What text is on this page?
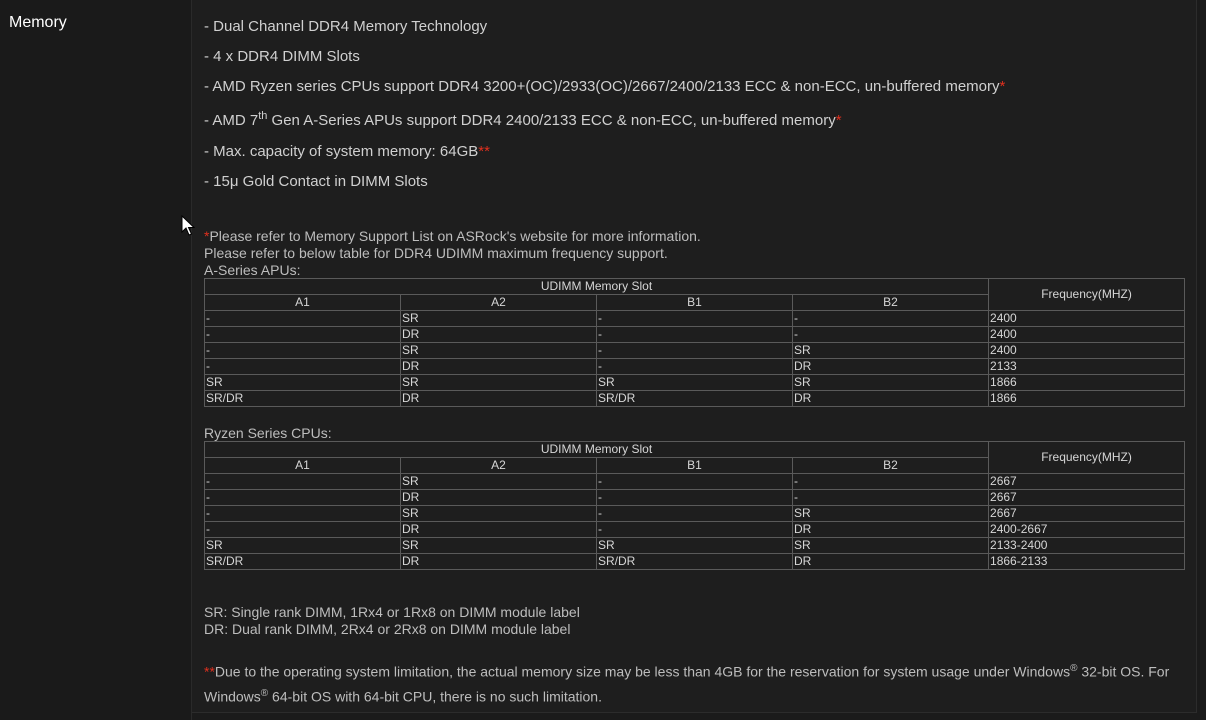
Memory	- Dual Channel DDR4 Memory Technology
- 4 x DDR4 DIMM Slots
- AMD Ryzen series CPUs support DDR4 3200+(OC)/2933(OC)/2667/2400/2133 ECC & non-ECC, un-buffered memory*
- AMD 7th Gen A-Series APUs support DDR4 2400/2133 ECC & non-ECC, un-buffered memory*
- Max. capacity of system memory: 64GB**
- 15μ Gold Contact in DIMM Slots
*Please refer to Memory Support List on ASRock's website for more information.
Please refer to below table for DDR4 UDIMM maximum frequency support.
A-Series APUs:
UDIMM Memory Slot				Frequency(MHZ)
A1	A2	B1	B2	
-	SR	-	-	2400
-	DR	-	-	2400
-	SR	-	SR	2400
-	DR	-	DR	2133
SR	SR	SR	SR	1866
SR/DR	DR	SR/DR	DR	1866
Ryzen Series CPUs:
UDIMM Memory Slot				Frequency(MHZ)
A1	A2	B1	B2	
-	SR	-	-	2667
-	DR	-	-	2667
-	SR	-	SR	2667
-	DR	-	DR	2400-2667
SR	SR	SR	SR	2133-2400
SR/DR	DR	SR/DR	DR	1866-2133
SR: Single rank DIMM, 1Rx4 or 1Rx8 on DIMM module label
DR: Dual rank DIMM, 2Rx4 or 2Rx8 on DIMM module label
**Due to the operating system limitation, the actual memory size may be less than 4GB for the reservation for system usage under Windows® 32-bit OS. For Windows® 64-bit OS with 64-bit CPU, there is no such limitation.
